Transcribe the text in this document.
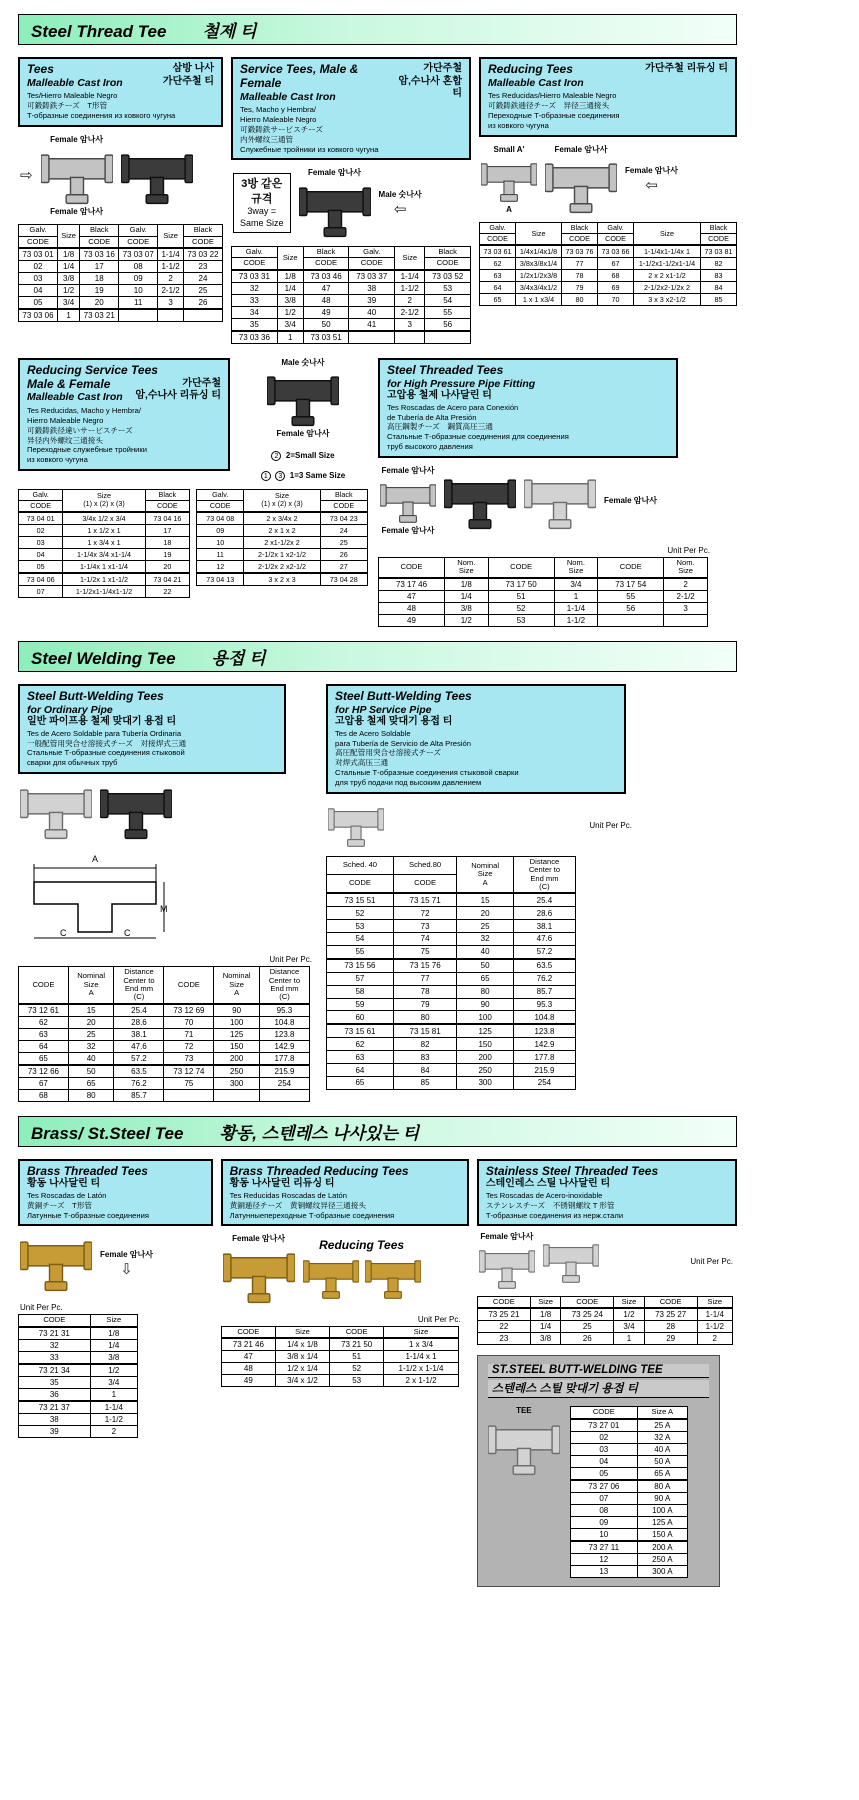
Steel Thread Tee 철제 티
Tees
Malleable Cast Iron
삼방 나사
가단주철 티
Tes/Hierro Maleable Negro
可鍛鋳鉄チーズ　T形管
Т-образные соединения из ковкого чугуна
⇨
Female 암나사
Female 암나사
Galv.	Size	Black	Galv.	Size	Black
CODE		CODE	CODE		CODE
73 03 01	1/8	73 03 16	73 03 07	1-1/4	73 03 22
02	1/4	17	08	1-1/2	23
03	3/8	18	09	2	24
04	1/2	19	10	2-1/2	25
05	3/4	20	11	3	26
73 03 06	1	73 03 21			
Service Tees, Male & Female
Malleable Cast Iron
가단주철
암,수나사 혼합 티
Tes, Macho y Hembra/
Hierro Maleable Negro
可鍛鋳鉄サービスチーズ
内外螺纹三通管
Служебные тройники из ковкого чугуна
3방 같은
규격
3way =
Same Size
Female 암나사
Male 숫나사
⇦
Galv.	Size	Black	Galv.	Size	Black
CODE		CODE	CODE		CODE
73 03 31	1/8	73 03 46	73 03 37	1-1/4	73 03 52
32	1/4	47	38	1-1/2	53
33	3/8	48	39	2	54
34	1/2	49	40	2-1/2	55
35	3/4	50	41	3	56
73 03 36	1	73 03 51			
Reducing Tees
Malleable Cast Iron
가단주철 리듀싱 티
Tes Reducidas/Hierro Maleable Negro
可鍛鋳鉄逓径チーズ　异径三通接头
Переходные Т-образные соединения
из ковкого чугуна
Small A'
A
Female 암나사
Female 암나사
⇦
Galv.	Size	Black	Galv.	Size	Black
CODE		CODE	CODE		CODE
73 03 61	1/4x1/4x1/8	73 03 76	73 03 66	1-1/4x1-1/4x 1	73 03 81
62	3/8x3/8x1/4	77	67	1-1/2x1-1/2x1-1/4	82
63	1/2x1/2x3/8	78	68	2 x 2 x1-1/2	83
64	3/4x3/4x1/2	79	69	2-1/2x2-1/2x 2	84
65	1 x 1 x3/4	80	70	3 x 3 x2-1/2	85
Reducing Service Tees
Male & Female
Malleable Cast Iron
가단주철
암,수나사 리듀싱 티
Tes Reducidas, Macho y Hembra/
Hierro Maleable Negro
可鍛鋳鉄径違いサービスチーズ
异径内外螺纹三通接头
Переходные служебные тройники
из ковкого чугуна
Male 숫나사
Female 암나사
2 2=Small Size
1 3 1=3 Same Size
Galv.	Size
(1) x (2) x (3)	Black
CODE		CODE
73 04 01	3/4x 1/2 x 3/4	73 04 16
02	1 x 1/2 x 1	17
03	1 x 3/4 x 1	18
04	1-1/4x 3/4 x1-1/4	19
05	1-1/4x 1 x1-1/4	20
73 04 06	1-1/2x 1 x1-1/2	73 04 21
07	1-1/2x1-1/4x1-1/2	22
Galv.	Size
(1) x (2) x (3)	Black
CODE		CODE
73 04 08	2 x 3/4x 2	73 04 23
09	2 x 1 x 2	24
10	2 x1-1/2x 2	25
11	2-1/2x 1 x2-1/2	26
12	2-1/2x 2 x2-1/2	27
73 04 13	3 x 2 x 3	73 04 28
Steel Threaded Tees
for High Pressure Pipe Fitting
고압용 철제 나사달린 티
Tes Roscadas de Acero para Conexión
de Tubería de Alta Presión
高圧鋼製チーズ　鋼質高圧三通
Стальные Т-образные соединения для соединения
труб высокого давления
Female 암나사
Female 암나사
Female 암나사
Unit Per Pc.
CODE	Nom.
Size	CODE	Nom.
Size	CODE	Nom.
Size

73 17 46	1/8	73 17 50	3/4	73 17 54	2
47	1/4	51	1	55	2-1/2
48	3/8	52	1-1/4	56	3
49	1/2	53	1-1/2		
Steel Welding Tee 용접 티
Steel Butt-Welding Tees
for Ordinary Pipe
일반 파이프용 철제 맞대기 용접 티
Tes de Acero Soldable para Tubería Ordinaria
一般配管用突合せ溶接式チーズ　对接焊式三通
Стальные Т-образные соединения стыковой
сварки для обычных труб
A
M
C	C
Unit Per Pc.
CODE	Nominal
Size
A	Distance
Center to
End mm
(C)	CODE	Nominal
Size
A	Distance
Center to
End mm
(C)

73 12 61	15	25.4	73 12 69	90	95.3
62	20	28.6	70	100	104.8
63	25	38.1	71	125	123.8
64	32	47.6	72	150	142.9
65	40	57.2	73	200	177.8
73 12 66	50	63.5	73 12 74	250	215.9
67	65	76.2	75	300	254
68	80	85.7			
Steel Butt-Welding Tees
for HP Service Pipe
고압용 철제 맞대기 용접 티
Tes de Acero Soldable
para Tubería de Servicio de Alta Presión
高圧配管用突合せ溶接式チーズ
对焊式高压三通
Стальные Т-образные соединения стыковой сварки
для труб подачи под высоким давлением
Unit Per Pc.
Sched. 40	Sched.80	Nominal
Size
A	Distance
Center to
End mm
(C)

CODE	CODE		
73 15 51	73 15 71	15	25.4
52	72	20	28.6
53	73	25	38.1
54	74	32	47.6
55	75	40	57.2
73 15 56	73 15 76	50	63.5
57	77	65	76.2
58	78	80	85.7
59	79	90	95.3
60	80	100	104.8
73 15 61	73 15 81	125	123.8
62	82	150	142.9
63	83	200	177.8
64	84	250	215.9
65	85	300	254
Brass/ St.Steel Tee 황동, 스텐레스 나사있는 티
Brass Threaded Tees
황동 나사달린 티
Tes Roscadas de Latón
黄銅チーズ　T形管
Латунные Т-образные соединения
Female 암나사
⇩
Unit Per Pc.
CODE	Size
73 21 31	1/8
32	1/4
33	3/8
73 21 34	1/2
35	3/4
36	1
73 21 37	1-1/4
38	1-1/2
39	2
Brass Threaded Reducing Tees
황동 나사달린 리듀싱 티
Tes Reducidas Roscadas de Latón
黄銅逓径チーズ　黄铜螺纹异径三通接头
Латунныепереходные Т-образные соединения
Female 암나사	Reducing Tees
Unit Per Pc.
CODE	Size	CODE	Size
73 21 46	1/4 x 1/8	73 21 50	1 x 3/4
47	3/8 x 1/4	51	1-1/4 x 1
48	1/2 x 1/4	52	1-1/2 x 1-1/4
49	3/4 x 1/2	53	2 x 1-1/2
Stainless Steel Threaded Tees
스테인레스 스틸 나사달린 티
Tes Roscadas de Acero-inoxidable
ステンレスチーズ　不锈钢螺纹 T 形管
Т-образные соединения из нерж.стали
Female 암나사
Unit Per Pc.
CODE	Size	CODE	Size	CODE	Size
73 25 21	1/8	73 25 24	1/2	73 25 27	1-1/4
22	1/4	25	3/4	28	1-1/2
23	3/8	26	1	29	2
ST.STEEL BUTT-WELDING TEE
스텐레스 스틸 맞대기 용접 티
TEE	CODE	Size A
73 27 01	25 A
02	32 A
03	40 A
04	50 A
05	65 A
73 27 06	80 A
07	90 A
08	100 A
09	125 A
10	150 A
73 27 11	200 A
12	250 A
13	300 A
